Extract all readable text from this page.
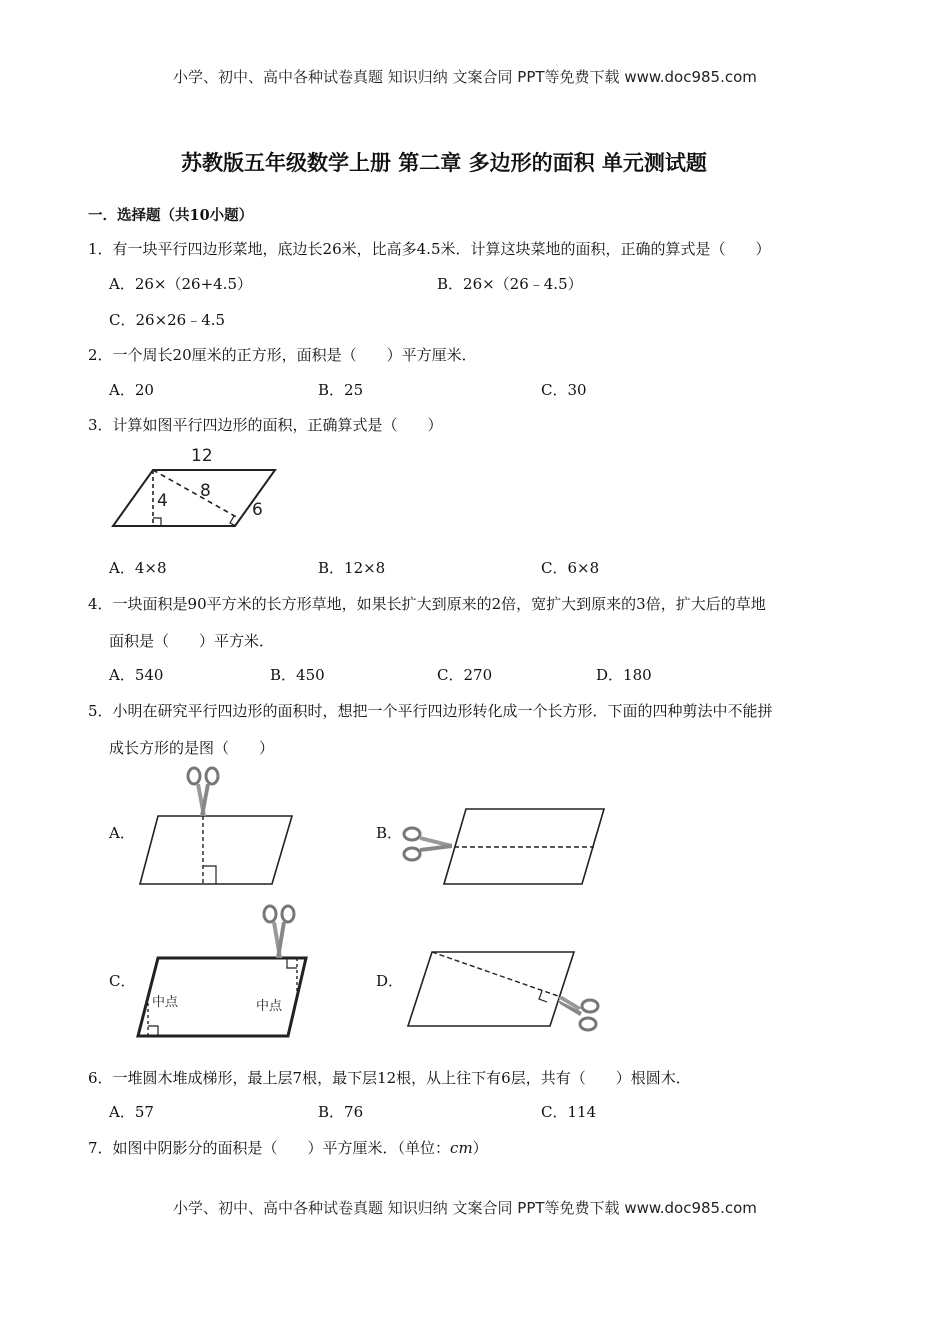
小学、初中、高中各种试卷真题 知识归纳 文案合同 PPT等免费下载 www.doc985.com
小学、初中、高中各种试卷真题 知识归纳 文案合同 PPT等免费下载 www.doc985.com
苏教版五年级数学上册 第二章 多边形的面积 单元测试题
一．选择题（共10小题）
1．有一块平行四边形菜地，底边长26米，比高多4.5米．计算这块菜地的面积，正确的算式是（　　）
A．26×（26+4.5）	B．26×（26﹣4.5）
C．26×26﹣4.5
2．一个周长20厘米的正方形，面积是（　　）平方厘米．
A．20	B．25	C．30
3．计算如图平行四边形的面积，正确算式是（　　）
12
4 8
6
A．4×8	B．12×8	C．6×8
4．一块面积是90平方米的长方形草地，如果长扩大到原来的2倍，宽扩大到原来的3倍，扩大后的草地
面积是（　　）平方米．
A．540	B．450	C．270	D．180
5．小明在研究平行四边形的面积时，想把一个平行四边形转化成一个长方形．下面的四种剪法中不能拼
成长方形的是图（　　）
A．	B．
C．
中点	中点
D．
6．一堆圆木堆成梯形，最上层7根，最下层12根，从上往下有6层，共有（　　）根圆木．
A．57	B．76	C．114
7．如图中阴影分的面积是（　　）平方厘米．（单位：cm）
